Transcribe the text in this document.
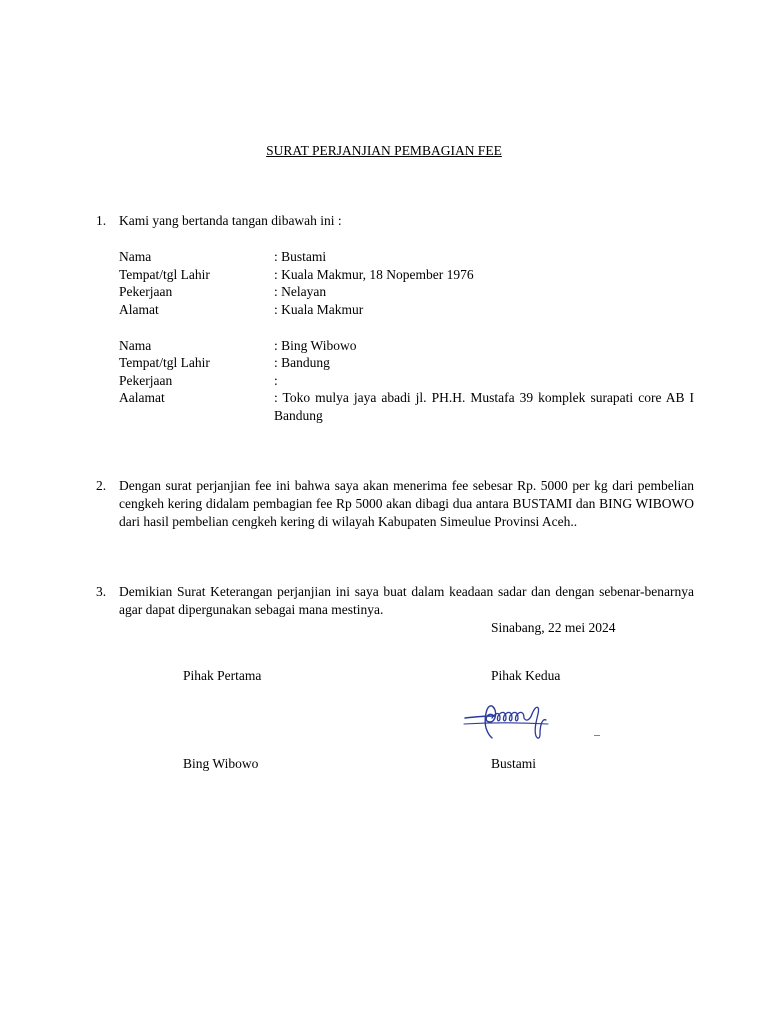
SURAT PERJANJIAN PEMBAGIAN FEE
1. Kami yang bertanda tangan dibawah ini :
Nama	: Bustami
Tempat/tgl Lahir	: Kuala Makmur, 18 Nopember 1976
Pekerjaan	: Nelayan
Alamat	: Kuala Makmur
Nama	: Bing Wibowo
Tempat/tgl Lahir	: Bandung
Pekerjaan	:
Aalamat	: Toko mulya jaya abadi jl. PH.H. Mustafa 39 komplek surapati core AB I Bandung
2. Dengan surat perjanjian fee ini bahwa saya akan menerima fee sebesar Rp. 5000 per kg dari pembelian cengkeh kering didalam pembagian fee Rp 5000 akan dibagi dua antara BUSTAMI dan BING WIBOWO dari hasil pembelian cengkeh kering di wilayah Kabupaten Simeulue Provinsi Aceh..
3. Demikian Surat Keterangan perjanjian ini saya buat dalam keadaan sadar dan dengan sebenar-benarnya agar dapat dipergunakan sebagai mana mestinya.
Sinabang, 22 mei 2024
Pihak Pertama	Pihak Kedua
Bing Wibowo	Bustami
